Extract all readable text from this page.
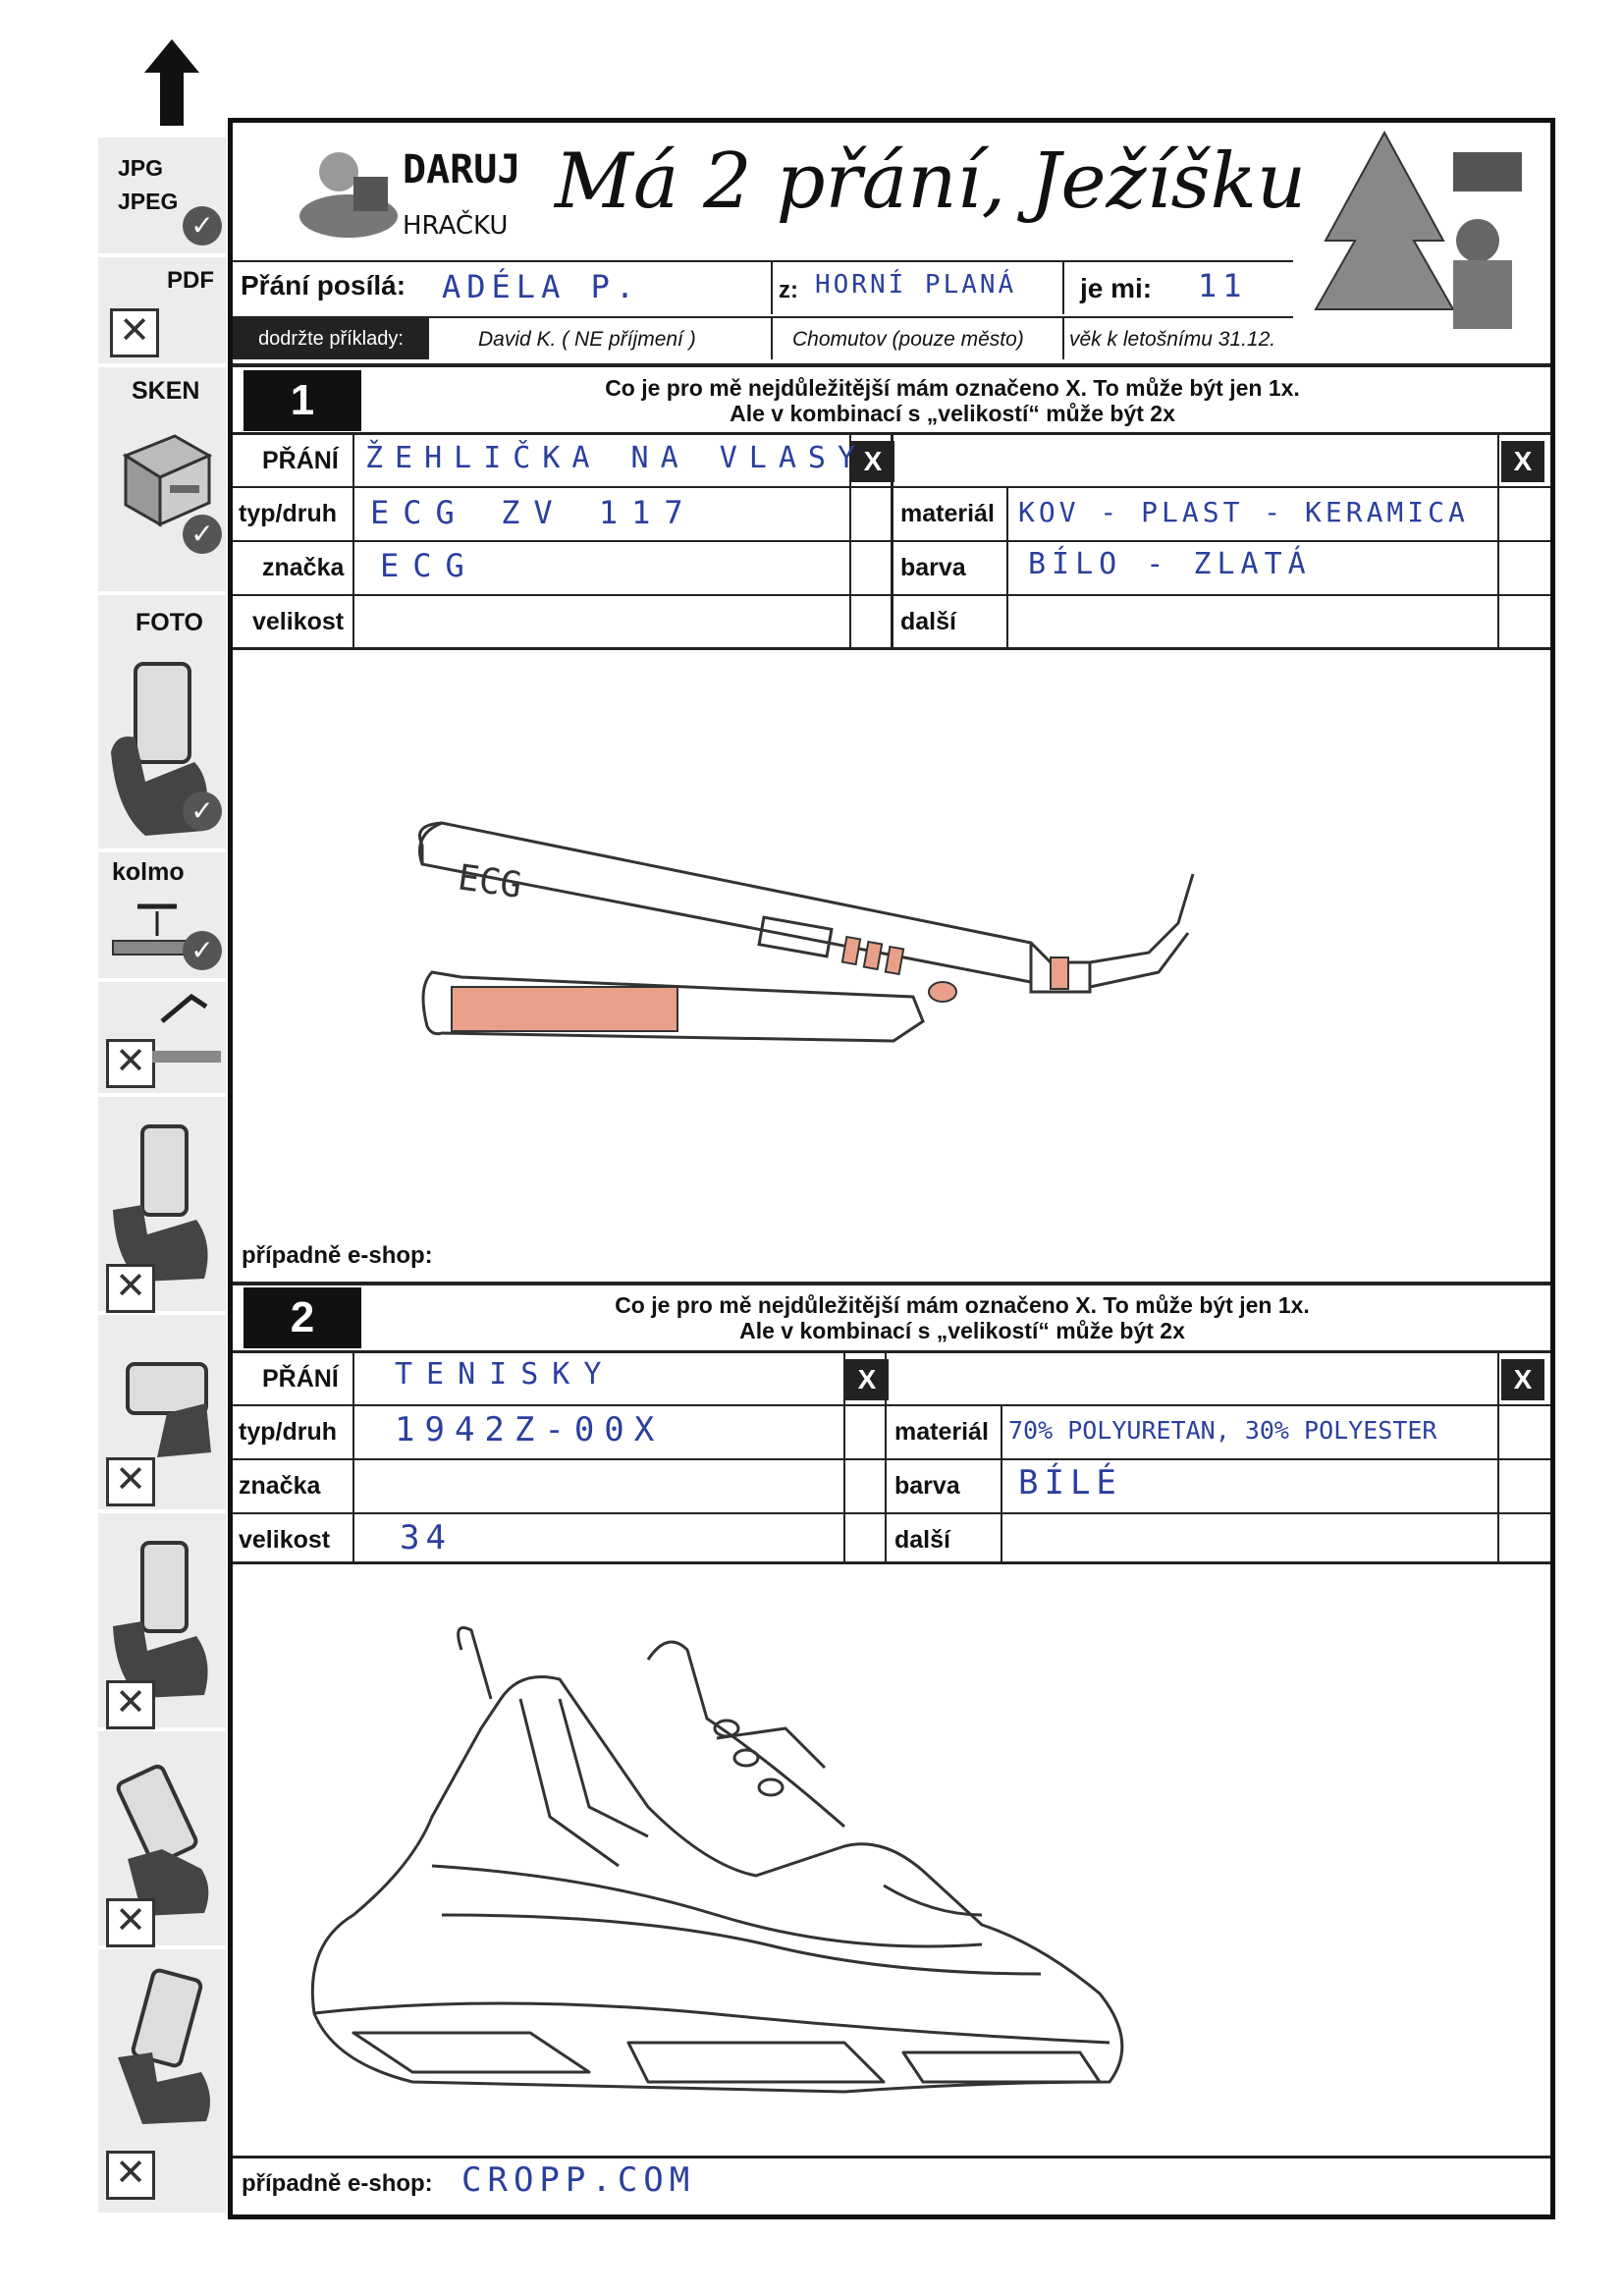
JPG
JPEG
✓
PDF
✕
SKEN
✓
FOTO
✓
kolmo
✓
✕
✕
✕
✕
✕
✕
DARUJ
HRAČKU Má 2 přání, Ježíšku
Přání posílá: ADÉLA P.	z: HORNÍ PLANÁ je mi: 11
dodržte příklady:	David K. ( NE příjmení )	Chomutov (pouze město) věk k letošnímu 31.12.
1	Co je pro mě nejdůležitější mám označeno X. To může být jen 1x.
Ale v kombinací s „velikostí“ může být 2x
X	X
PŘÁNÍ ŽEHLIČKA NA VLASY
typ/druh ECG ZV 117
značka ECG
velikost
materiál KOV - PLAST - KERAMICA
barva BÍLO - ZLATÁ
další
ECG
případně e-shop:
2	Co je pro mě nejdůležitější mám označeno X. To může být jen 1x.
Ale v kombinací s „velikostí“ může být 2x
X	X
PŘÁNÍ TENISKY
typ/druh 1942Z-00X
značka
velikost 34
materiál 70% POLYURETAN, 30% POLYESTER
barva BÍLÉ
další
případně e-shop: CROPP.COM
